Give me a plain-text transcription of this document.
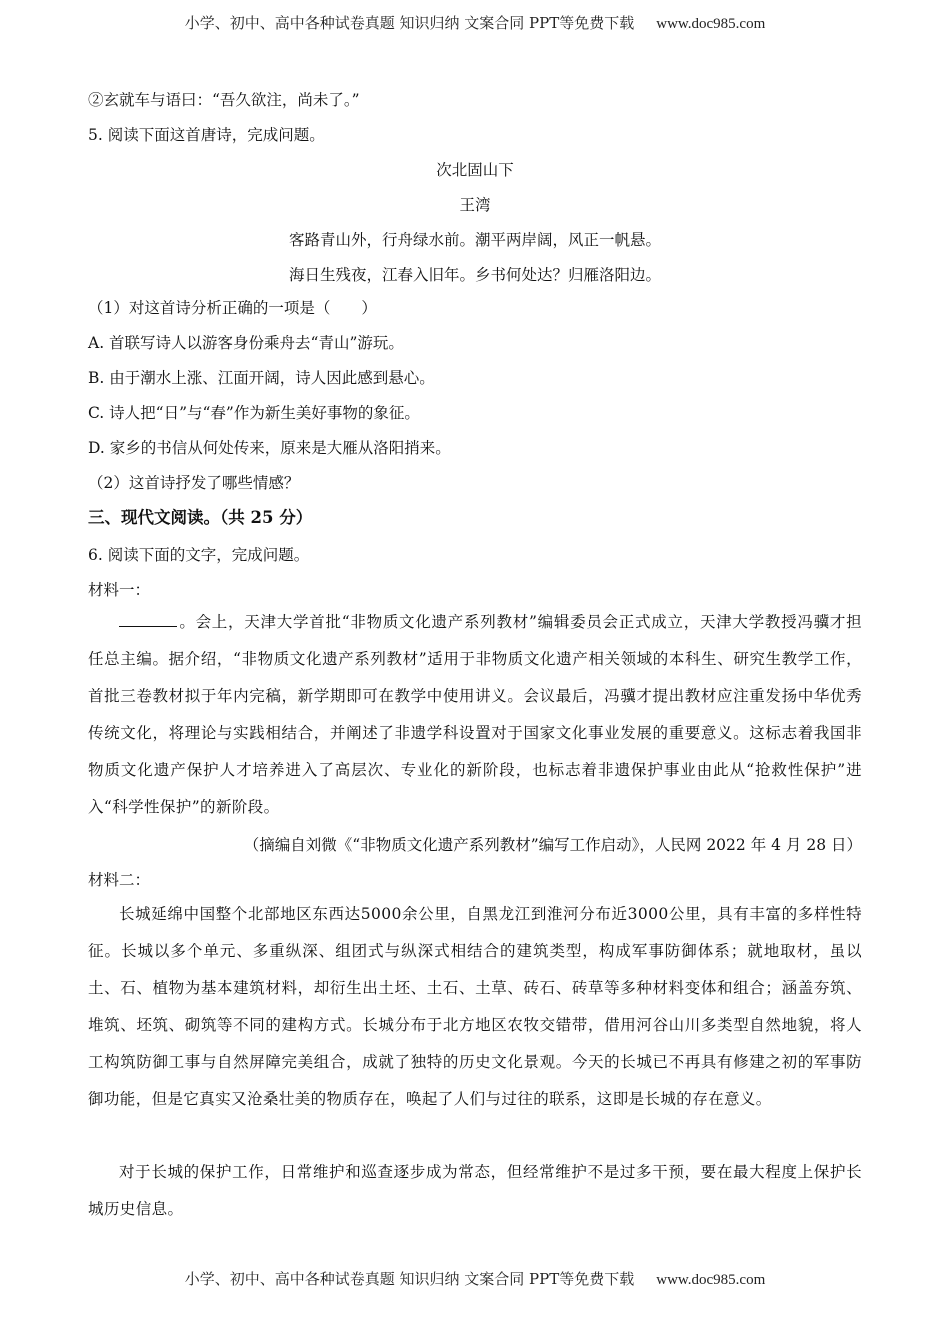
小学、初中、高中各种试卷真题 知识归纳 文案合同 PPT等免费下载 www.doc985.com
②玄就车与语曰：“吾久欲注，尚未了。”
5. 阅读下面这首唐诗，完成问题。
次北固山下
王湾
客路青山外，行舟绿水前。潮平两岸阔，风正一帆悬。
海日生残夜，江春入旧年。乡书何处达？归雁洛阳边。
（1）对这首诗分析正确的一项是（　　）
A. 首联写诗人以游客身份乘舟去“青山”游玩。
B. 由于潮水上涨、江面开阔，诗人因此感到悬心。
C. 诗人把“日”与“春”作为新生美好事物的象征。
D. 家乡的书信从何处传来，原来是大雁从洛阳捎来。
（2）这首诗抒发了哪些情感？
三、现代文阅读。（共 25 分）
6. 阅读下面的文字，完成问题。
材料一：
。会上，天津大学首批“非物质文化遗产系列教材”编辑委员会正式成立，天津大学教授冯骥才担任总主编。据介绍，“非物质文化遗产系列教材”适用于非物质文化遗产相关领域的本科生、研究生教学工作，首批三卷教材拟于年内完稿，新学期即可在教学中使用讲义。会议最后，冯骥才提出教材应注重发扬中华优秀传统文化，将理论与实践相结合，并阐述了非遗学科设置对于国家文化事业发展的重要意义。这标志着我国非物质文化遗产保护人才培养进入了高层次、专业化的新阶段，也标志着非遗保护事业由此从“抢救性保护”进入“科学性保护”的新阶段。
（摘编自刘微《“非物质文化遗产系列教材”编写工作启动》，人民网 2022 年 4 月 28 日）
材料二：
长城延绵中国整个北部地区东西达5000余公里，自黑龙江到淮河分布近3000公里，具有丰富的多样性特征。长城以多个单元、多重纵深、组团式与纵深式相结合的建筑类型，构成军事防御体系；就地取材，虽以土、石、植物为基本建筑材料，却衍生出土坯、土石、土草、砖石、砖草等多种材料变体和组合；涵盖夯筑、堆筑、坯筑、砌筑等不同的建构方式。长城分布于北方地区农牧交错带，借用河谷山川多类型自然地貌，将人工构筑防御工事与自然屏障完美组合，成就了独特的历史文化景观。今天的长城已不再具有修建之初的军事防御功能，但是它真实又沧桑壮美的物质存在，唤起了人们与过往的联系，这即是长城的存在意义。
对于长城的保护工作，日常维护和巡查逐步成为常态，但经常维护不是过多干预，要在最大程度上保护长城历史信息。
小学、初中、高中各种试卷真题 知识归纳 文案合同 PPT等免费下载 www.doc985.com
